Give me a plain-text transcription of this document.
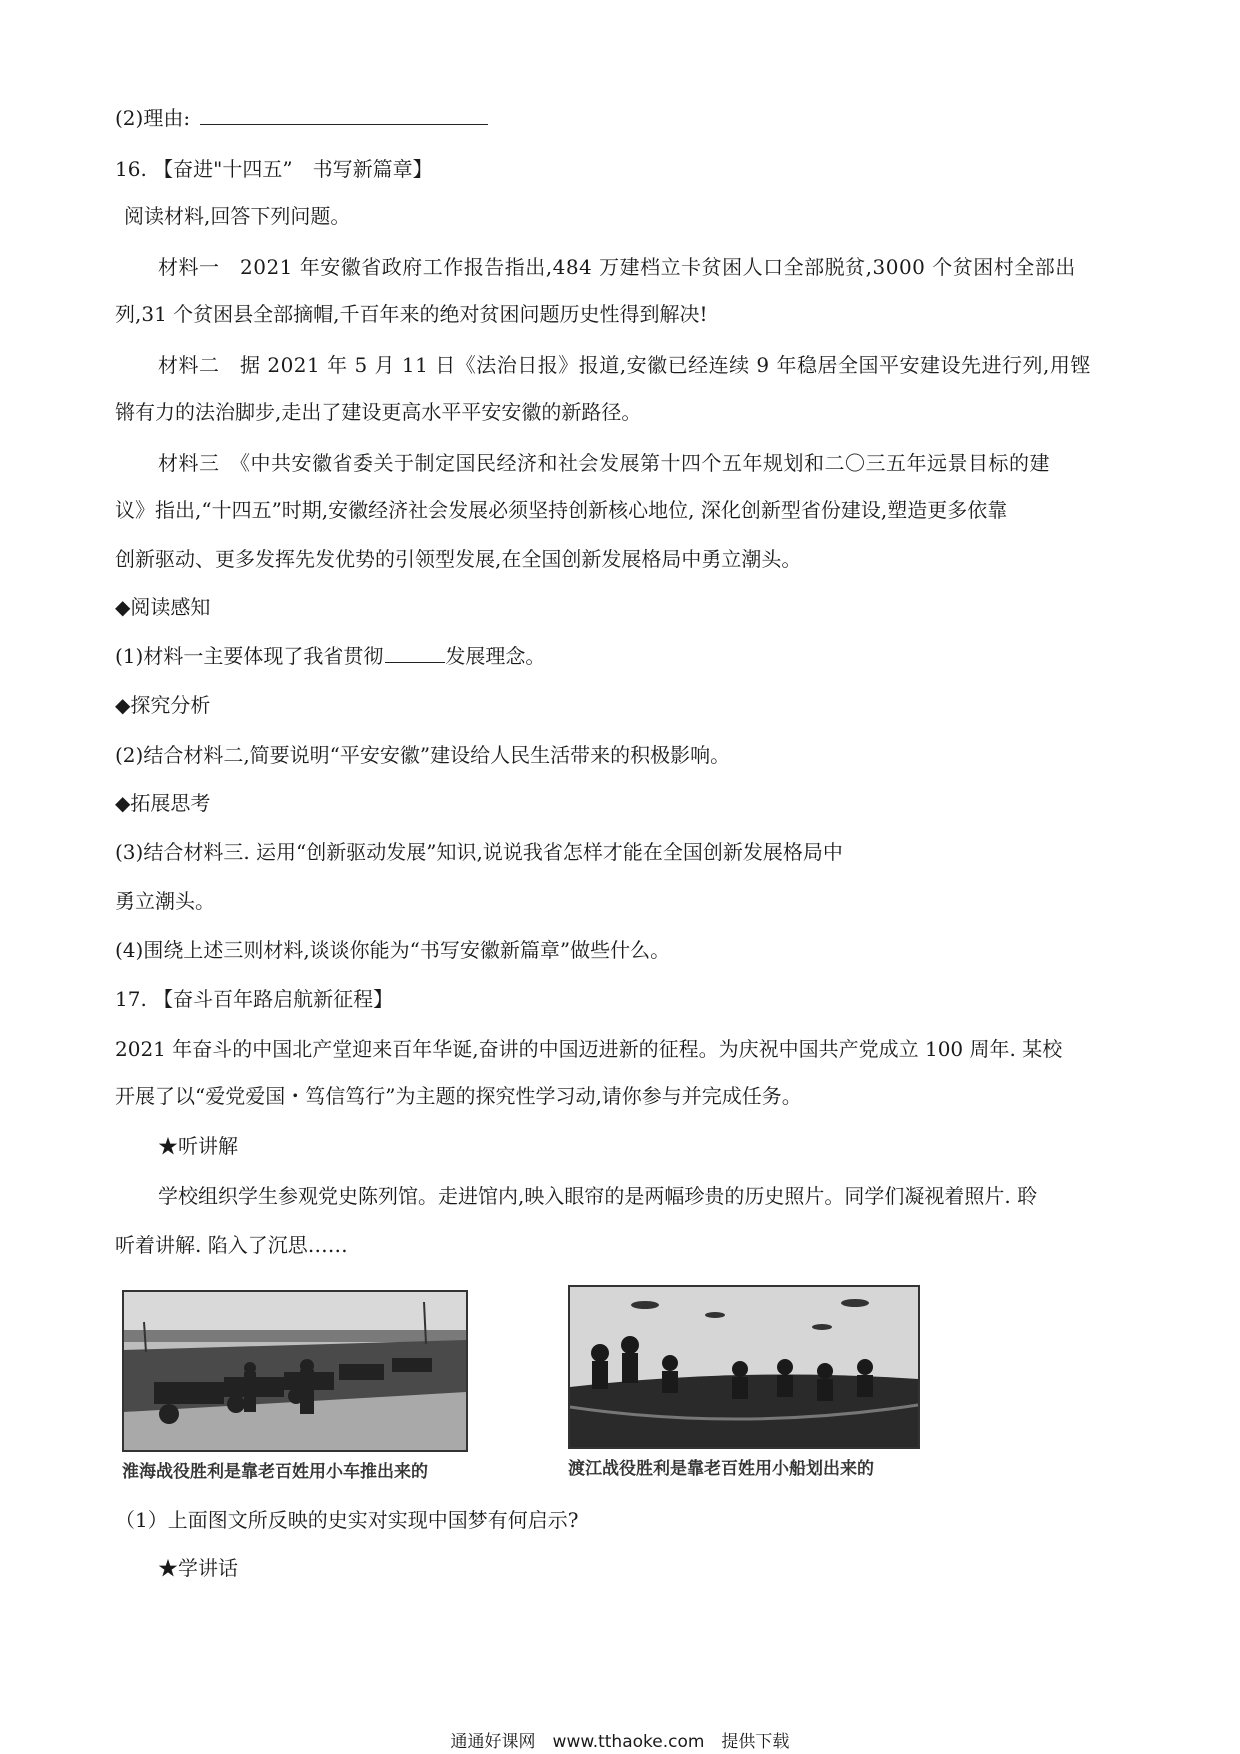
(2)理由:
16. 【奋进"十四五”　书写新篇章】
阅读材料,回答下列问题。
材料一　2021 年安徽省政府工作报告指出,484 万建档立卡贫困人口全部脱贫,3000 个贫困村全部出
列,31 个贫困县全部摘帽,千百年来的绝对贫困问题历史性得到解决!
材料二　据 2021 年 5 月 11 日《法治日报》报道,安徽已经连续 9 年稳居全国平安建设先进行列,用铿
锵有力的法治脚步,走出了建设更高水平平安安徽的新路径。
材料三　《中共安徽省委关于制定国民经济和社会发展第十四个五年规划和二〇三五年远景目标的建
议》指出,“十四五”时期,安徽经济社会发展必须坚持创新核心地位, 深化创新型省份建设,塑造更多依靠
创新驱动、更多发挥先发优势的引领型发展,在全国创新发展格局中勇立潮头。
◆阅读感知
(1)材料一主要体现了我省贯彻	发展理念。
◆探究分析
(2)结合材料二,简要说明“平安安徽”建设给人民生活带来的积极影响。
◆拓展思考
(3)结合材料三. 运用“创新驱动发展”知识,说说我省怎样才能在全国创新发展格局中
勇立潮头。
(4)围绕上述三则材料,谈谈你能为“书写安徽新篇章”做些什么。
17. 【奋斗百年路启航新征程】
2021 年奋斗的中国北产堂迎来百年华诞,奋讲的中国迈进新的征程。为庆祝中国共产党成立 100 周年. 某校
开展了以“爱党爱国・笃信笃行”为主题的探究性学习动,请你参与并完成任务。
★听讲解
学校组织学生参观党史陈列馆。走进馆内,映入眼帘的是两幅珍贵的历史照片。同学们凝视着照片. 聆
听着讲解. 陷入了沉思……
淮海战役胜利是靠老百姓用小车推出来的	渡江战役胜利是靠老百姓用小船划出来的
（1）上面图文所反映的史实对实现中国梦有何启示?
★学讲话
通通好课网　www.tthaoke.com　提供下载
